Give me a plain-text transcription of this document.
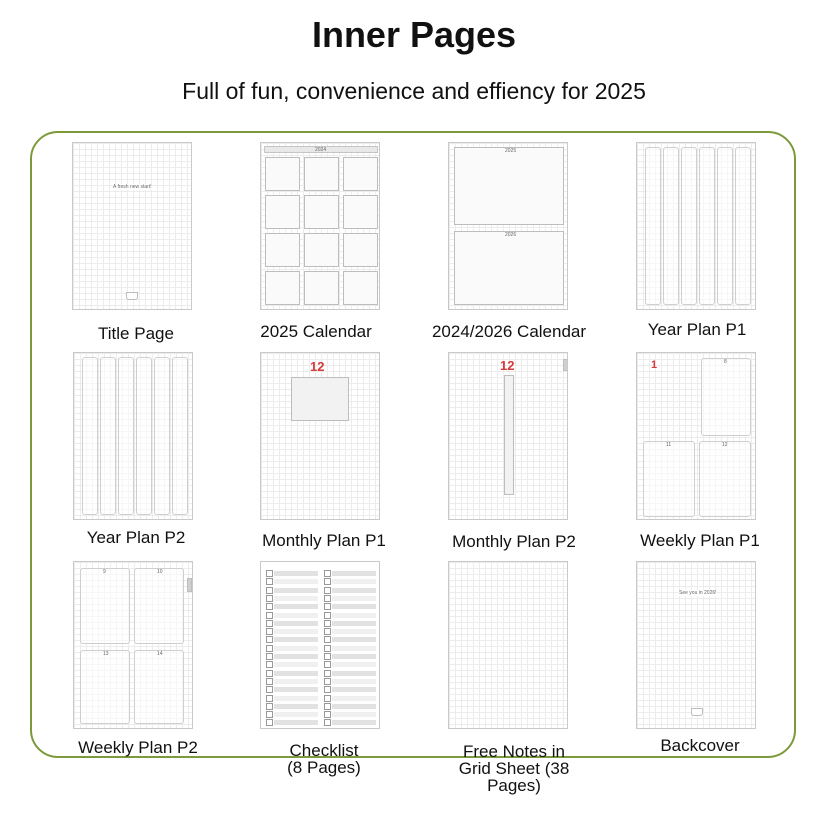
Inner Pages
Full of fun, convenience and effiency for 2025
A fresh new start!
Title Page
2024
2025 Calendar
2025
2026
2024/2026 Calendar	Year Plan P1
Year Plan P2
12
Monthly Plan P1
12
Monthly Plan P2
1	8
11	12
Weekly Plan P1
9	10
13	14
Weekly Plan P2	Checklist
(8 Pages)
Free Notes in
Grid Sheet (38
Pages)
See you in 2026!
Backcover
